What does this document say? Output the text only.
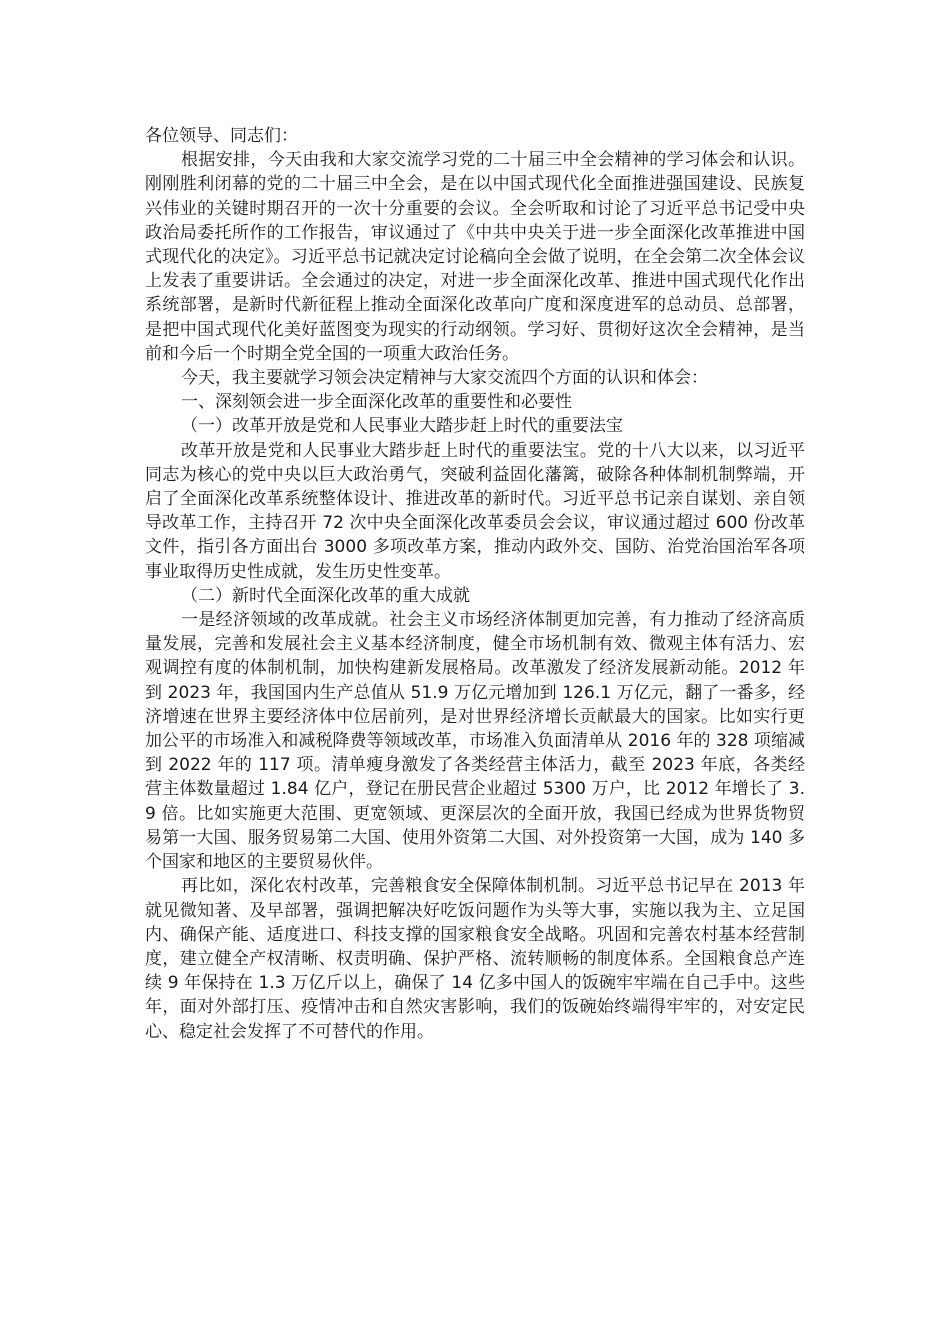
各位领导、同志们：

根据安排，今天由我和大家交流学习党的二十届三中全会精神的学习体会和认识。刚刚胜利闭幕的党的二十届三中全会，是在以中国式现代化全面推进强国建设、民族复兴伟业的关键时期召开的一次十分重要的会议。全会听取和讨论了习近平总书记受中央政治局委托所作的工作报告，审议通过了《中共中央关于进一步全面深化改革推进中国式现代化的决定》。习近平总书记就决定讨论稿向全会做了说明，在全会第二次全体会议上发表了重要讲话。全会通过的决定，对进一步全面深化改革、推进中国式现代化作出系统部署，是新时代新征程上推动全面深化改革向广度和深度进军的总动员、总部署，是把中国式现代化美好蓝图变为现实的行动纲领。学习好、贯彻好这次全会精神，是当前和今后一个时期全党全国的一项重大政治任务。

今天，我主要就学习领会决定精神与大家交流四个方面的认识和体会：

一、深刻领会进一步全面深化改革的重要性和必要性

（一）改革开放是党和人民事业大踏步赶上时代的重要法宝

改革开放是党和人民事业大踏步赶上时代的重要法宝。党的十八大以来，以习近平同志为核心的党中央以巨大政治勇气，突破利益固化藩篱，破除各种体制机制弊端，开启了全面深化改革系统整体设计、推进改革的新时代。习近平总书记亲自谋划、亲自领导改革工作，主持召开 72 次中央全面深化改革委员会会议，审议通过超过 600 份改革文件，指引各方面出台 3000 多项改革方案，推动内政外交、国防、治党治国治军各项事业取得历史性成就，发生历史性变革。

（二）新时代全面深化改革的重大成就

一是经济领域的改革成就。社会主义市场经济体制更加完善，有力推动了经济高质量发展，完善和发展社会主义基本经济制度，健全市场机制有效、微观主体有活力、宏观调控有度的体制机制，加快构建新发展格局。改革激发了经济发展新动能。2012 年到 2023 年，我国国内生产总值从 51.9 万亿元增加到 126.1 万亿元，翻了一番多，经济增速在世界主要经济体中位居前列，是对世界经济增长贡献最大的国家。比如实行更加公平的市场准入和减税降费等领域改革，市场准入负面清单从 2016 年的 328 项缩减到 2022 年的 117 项。清单瘦身激发了各类经营主体活力，截至 2023 年底，各类经营主体数量超过 1.84 亿户，登记在册民营企业超过 5300 万户，比 2012 年增长了 3.9 倍。比如实施更大范围、更宽领域、更深层次的全面开放，我国已经成为世界货物贸易第一大国、服务贸易第二大国、使用外资第二大国、对外投资第一大国，成为 140 多个国家和地区的主要贸易伙伴。

再比如，深化农村改革，完善粮食安全保障体制机制。习近平总书记早在 2013 年就见微知著、及早部署，强调把解决好吃饭问题作为头等大事，实施以我为主、立足国内、确保产能、适度进口、科技支撑的国家粮食安全战略。巩固和完善农村基本经营制度，建立健全产权清晰、权责明确、保护严格、流转顺畅的制度体系。全国粮食总产连续 9 年保持在 1.3 万亿斤以上，确保了 14 亿多中国人的饭碗牢牢端在自己手中。这些年，面对外部打压、疫情冲击和自然灾害影响，我们的饭碗始终端得牢牢的，对安定民心、稳定社会发挥了不可替代的作用。
